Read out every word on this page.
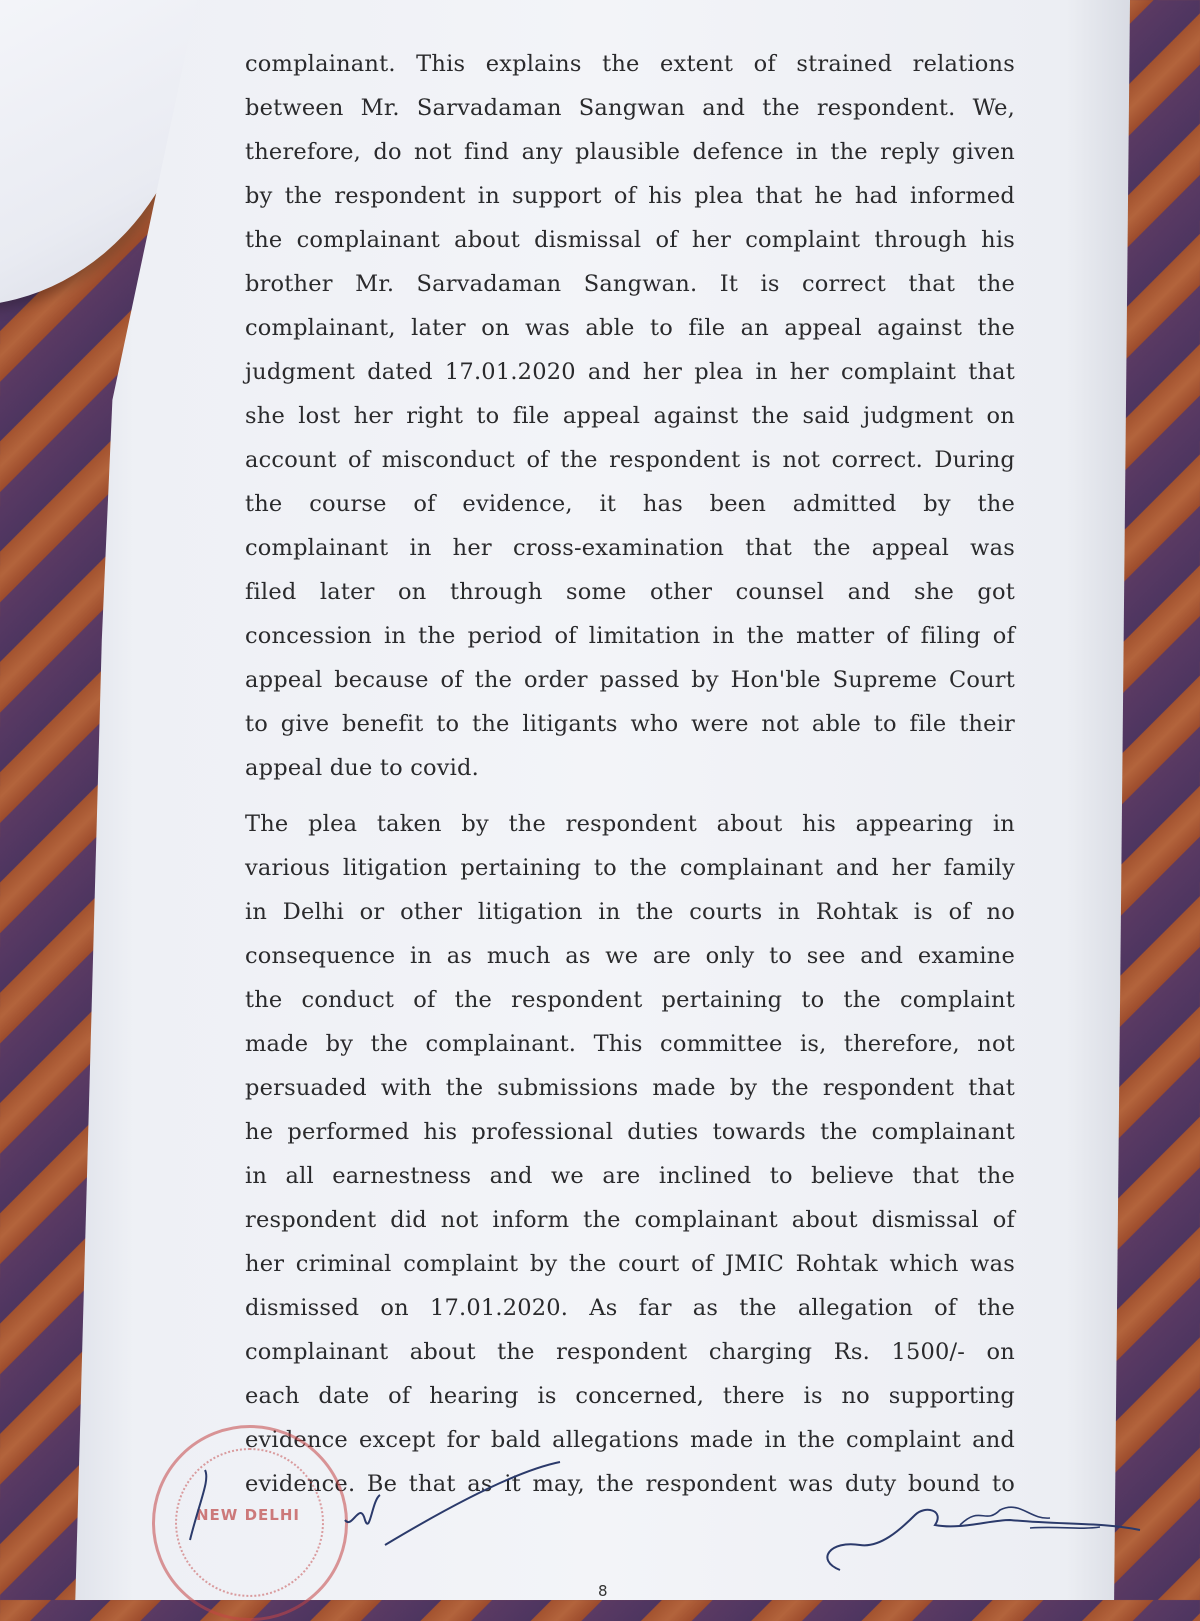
complainant. This explains the extent of strained relations
between Mr. Sarvadaman Sangwan and the respondent. We,
therefore, do not find any plausible defence in the reply given
by the respondent in support of his plea that he had informed
the complainant about dismissal of her complaint through his
brother Mr. Sarvadaman Sangwan. It is correct that the
complainant, later on was able to file an appeal against the
judgment dated 17.01.2020 and her plea in her complaint that
she lost her right to file appeal against the said judgment on
account of misconduct of the respondent is not correct. During
the course of evidence, it has been admitted by the
complainant in her cross-examination that the appeal was
filed later on through some other counsel and she got
concession in the period of limitation in the matter of filing of
appeal because of the order passed by Hon'ble Supreme Court
to give benefit to the litigants who were not able to file their
appeal due to covid.
The plea taken by the respondent about his appearing in
various litigation pertaining to the complainant and her family
in Delhi or other litigation in the courts in Rohtak is of no
consequence in as much as we are only to see and examine
the conduct of the respondent pertaining to the complaint
made by the complainant. This committee is, therefore, not
persuaded with the submissions made by the respondent that
he performed his professional duties towards the complainant
in all earnestness and we are inclined to believe that the
respondent did not inform the complainant about dismissal of
her criminal complaint by the court of JMIC Rohtak which was
dismissed on 17.01.2020. As far as the allegation of the
complainant about the respondent charging Rs. 1500/- on
each date of hearing is concerned, there is no supporting
evidence except for bald allegations made in the complaint and
evidence. Be that as it may, the respondent was duty bound to
NEW DELHI
8
